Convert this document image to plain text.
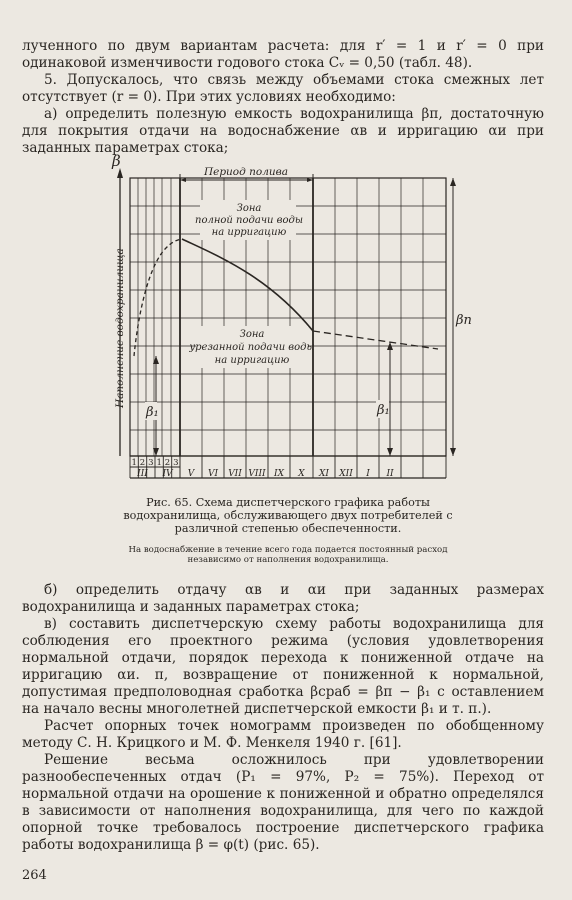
лученного по двум вариантам расчета: для r′ = 1 и r′ = 0 при одинаковой изменчивости годового стока Cᵥ = 0,50 (табл. 48).

5. Допускалось, что связь между объемами стока смежных лет отсутствует (r = 0). При этих условиях необходимо:

а) определить полезную емкость водохранилища βп, достаточную для покрытия отдачи на водоснабжение αв и ирригацию αи при заданных параметрах стока;

β
Наполнение водохранилища
Период полива
Зона
полной подачи воды
на ирригацию
Зона
урезанной подачи воды
на ирригацию
βп
β₁	β₁
1 2 3 1 2 3
III IV V VI VII VIII IX X XI XII I II
Рис. 65. Схема диспетчерского графика работы водохранилища, обслуживающего двух потребителей с различной степенью обеспеченности.
На водоснабжение в течение всего года подается постоянный расход независимо от наполнения водохранилища.

б) определить отдачу αв и αи при заданных размерах водохранилища и заданных параметрах стока;

в) составить диспетчерскую схему работы водохранилища для соблюдения его проектного режима (условия удовлетворения нормальной отдачи, порядок перехода к пониженной отдаче на ирригацию αи. п, возвращение от пониженной к нормальной, допустимая предполоводная сработка βсраб = βп − β₁ с оставлением на начало весны многолетней диспетчерской емкости β₁ и т. п.).

Расчет опорных точек номограмм произведен по обобщенному методу С. Н. Крицкого и М. Ф. Менкеля 1940 г. [61].

Решение весьма осложнилось при удовлетворении разнообеспеченных отдач (P₁ = 97%, P₂ = 75%). Переход от нормальной отдачи на орошение к пониженной и обратно определялся в зависимости от наполнения водохранилища, для чего по каждой опорной точке требовалось построение диспетчерского графика работы водохранилища β = φ(t) (рис. 65).

264
